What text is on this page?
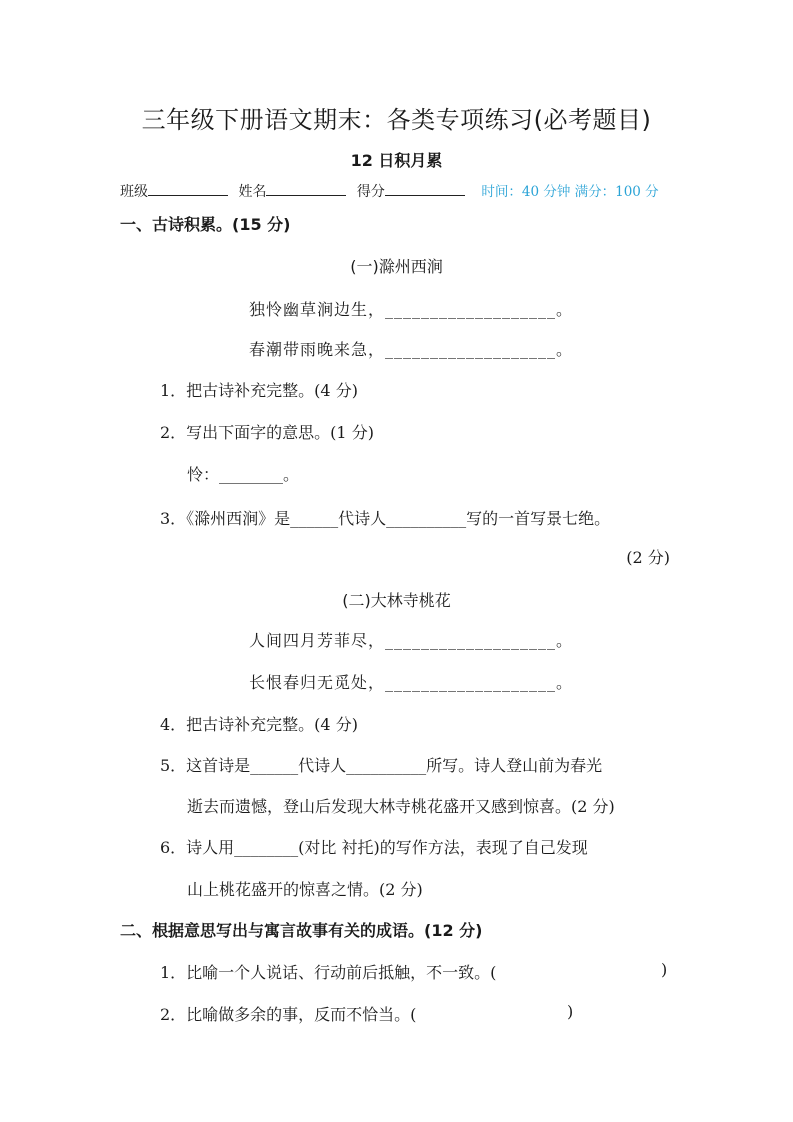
三年级下册语文期末：各类专项练习(必考题目)
12 日积月累
班级	姓名	得分	时间：40 分钟 满分：100 分
一、古诗积累。(15 分)
(一)滁州西涧
独怜幽草涧边生，___________________。
春潮带雨晚来急，___________________。
1．把古诗补充完整。(4 分)
2．写出下面字的意思。(1 分)
怜：________。
3．《滁州西涧》是______代诗人__________写的一首写景七绝。
(2 分)
(二)大林寺桃花
人间四月芳菲尽，___________________。
长恨春归无觅处，___________________。
4．把古诗补充完整。(4 分)
5．这首诗是______代诗人__________所写。诗人登山前为春光
逝去而遗憾，登山后发现大林寺桃花盛开又感到惊喜。(2 分)
6．诗人用________(对比 衬托)的写作方法，表现了自己发现
山上桃花盛开的惊喜之情。(2 分)
二、根据意思写出与寓言故事有关的成语。(12 分)
1．比喻一个人说话、行动前后抵触，不一致。(	)
2．比喻做多余的事，反而不恰当。(	)
